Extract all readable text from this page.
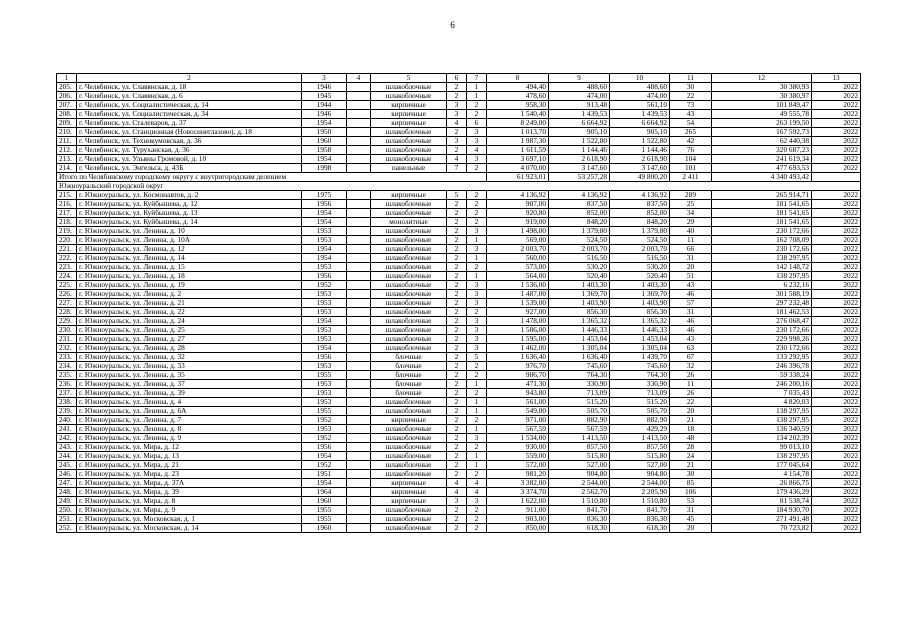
6
1	2	3	4	5	6	7	8	9	10	11	12	13
205.	г. Челябинск, ул. Славянская, д. 18	1946		шлакоблочные	2	1	494,40	488,60	488,60	30	30 380,93	2022
206.	г. Челябинск, ул. Славянская, д. 6	1945		шлакоблочные	2	1	478,60	474,00	474,00	22	30 380,97	2022
207.	г. Челябинск, ул. Социалистическая, д. 14	1944		кирпичные	3	2	958,30	913,48	561,10	73	101 849,47	2022
208.	г. Челябинск, ул. Социалистическая, д. 34	1946		кирпичные	3	2	1 540,40	1 439,53	1 439,53	43	49 555,78	2022
209.	г. Челябинск, ул. Сталеваров, д. 37	1954		кирпичные	4	6	8 249,00	6 664,92	6 664,92	54	263 199,50	2022
210.	г. Челябинск, ул. Станционная (Новосинеглазово), д. 18	1950		шлакоблочные	2	3	1 013,70	905,10	905,10	265	167 592,73	2022
211.	г. Челябинск, ул. Техникумовская, д. 36	1960		шлакоблочные	3	3	1 987,30	1 522,80	1 522,80	42	62 440,38	2022
212.	г. Челябинск, ул. Туруханская, д. 36	1958		шлакоблочные	2	4	1 611,59	1 144,46	1 144,46	76	320 687,23	2022
213.	г. Челябинск, ул. Ульяны Громовой, д. 10	1954		шлакоблочные	4	3	3 697,10	2 618,90	2 618,90	104	241 619,34	2022
214.	г. Челябинск, ул. Энгельса, д. 43Б	1998		панельные	7	2	4 070,00	3 147,60	3 147,60	101	477 693,53	2022
Итого по Челябинскому городскому округу с внутригородским делением							61 923,01	53 257,28	49 800,20	2 411	4 340 493,42	
Южноуральский городской округ												
215.	г. Южноуральск, ул. Космонавтов, д. 2	1975		кирпичные	5	2	4 136,92	4 136,92	4 136,92	289	265 914,71	2022
216.	г. Южноуральск, ул. Куйбышева, д. 12	1956		шлакоблочные	2	2	907,00	837,50	837,50	25	181 541,65	2022
217.	г. Южноуральск, ул. Куйбышева, д. 13	1954		шлакоблочные	2	2	920,80	852,00	852,00	34	181 541,65	2022
218.	г. Южноуральск, ул. Куйбышева, д. 14	1954		монолитные	2	2	919,00	848,20	848,20	29	181 541,65	2022
219.	г. Южноуральск, ул. Ленина, д. 10	1953		шлакоблочные	2	3	1 498,00	1 379,80	1 379,80	40	230 172,66	2022
220.	г. Южноуральск, ул. Ленина, д. 10А	1953		шлакоблочные	2	1	569,00	524,50	524,50	11	162 708,09	2022
221.	г. Южноуральск, ул. Ленина, д. 12	1954		шлакоблочные	2	3	2 003,70	2 003,70	2 003,70	66	230 172,66	2022
222.	г. Южноуральск, ул. Ленина, д. 14	1954		шлакоблочные	2	1	560,00	516,50	516,50	31	138 297,95	2022
223.	г. Южноуральск, ул. Ленина, д. 15	1953		шлакоблочные	2	2	573,00	530,20	530,20	20	142 148,72	2022
224.	г. Южноуральск, ул. Ленина, д. 18	1956		шлакоблочные	2	1	564,00	520,40	520,40	51	138 297,95	2022
225.	г. Южноуральск, ул. Ленина, д. 19	1952		шлакоблочные	2	3	1 536,00	1 403,30	1 403,30	43	6 232,16	2022
226.	г. Южноуральск, ул. Ленина, д. 2	1953		шлакоблочные	2	3	1 487,00	1 369,70	1 369,70	46	301 588,19	2022
227.	г. Южноуральск, ул. Ленина, д. 21	1953		шлакоблочные	2	3	1 539,00	1 403,90	1 403,90	57	297 232,48	2022
228.	г. Южноуральск, ул. Ленина, д. 22	1953		шлакоблочные	2	2	927,00	856,30	856,30	31	181 462,53	2022
229.	г. Южноуральск, ул. Ленина, д. 24	1954		шлакоблочные	2	3	1 478,00	1 365,32	1 365,32	46	276 068,47	2022
230.	г. Южноуральск, ул. Ленина, д. 25	1953		шлакоблочные	2	3	1 586,00	1 446,33	1 446,33	46	230 172,66	2022
231.	г. Южноуральск, ул. Ленина, д. 27	1953		шлакоблочные	2	3	1 595,00	1 453,04	1 453,04	43	229 998,26	2022
232.	г. Южноуральск, ул. Ленина, д. 28	1954		шлакоблочные	2	3	1 462,00	1 305,04	1 305,04	63	230 172,66	2022
233.	г. Южноуральск, ул. Ленина, д. 32	1956		блочные	2	5	1 636,40	1 636,40	1 439,70	67	133 292,95	2022
234.	г. Южноуральск, ул. Ленина, д. 33	1953		блочные	2	2	976,70	745,60	745,60	32	246 396,78	2022
235.	г. Южноуральск, ул. Ленина, д. 35	1955		блочные	2	2	986,70	764,30	764,30	26	59 338,24	2022
236.	г. Южноуральск, ул. Ленина, д. 37	1953		блочные	2	1	471,30	330,90	330,90	11	246 200,16	2022
237.	г. Южноуральск, ул. Ленина, д. 39	1953		блочные	2	2	943,80	713,09	713,09	26	7 035,43	2022
238.	г. Южноуральск, ул. Ленина, д. 4	1953		шлакоблочные	2	1	561,00	515,20	515,20	22	4 820,03	2022
239.	г. Южноуральск, ул. Ленина, д. 6А	1955		шлакоблочные	2	1	549,00	505,70	505,70	20	138 297,95	2022
240.	г. Южноуральск, ул. Ленина, д. 7	1952		кирпичные	2	2	971,00	882,90	882,90	21	138 297,95	2022
241.	г. Южноуральск, ул. Ленина, д. 8	1953		шлакоблочные	2	1	567,59	567,59	429,29	18	136 340,59	2022
242.	г. Южноуральск, ул. Ленина, д. 9	1952		шлакоблочные	2	3	1 534,00	1 413,50	1 413,50	48	134 202,39	2022
243.	г. Южноуральск, ул. Мира, д. 12	1956		шлакоблочные	2	2	930,00	857,50	857,50	28	99 013,10	2022
244.	г. Южноуральск, ул. Мира, д. 13	1954		шлакоблочные	2	1	559,00	515,80	515,80	24	138 297,95	2022
245.	г. Южноуральск, ул. Мира, д. 21	1952		шлакоблочные	2	1	572,00	527,00	527,00	21	177 045,64	2022
246.	г. Южноуральск, ул. Мира, д. 23	1951		шлакоблочные	2	2	981,20	904,80	904,80	30	4 154,78	2022
247.	г. Южноуральск, ул. Мира, д. 37А	1954		кирпичные	4	4	3 382,00	2 544,00	2 544,00	85	26 866,75	2022
248.	г. Южноуральск, ул. Мира, д. 39	1964		кирпичные	4	4	3 374,70	2 562,70	2 205,90	106	179 436,29	2022
249.	г. Южноуральск, ул. Мира, д. 8	1960		кирпичные	3	3	1 622,00	1 510,80	1 510,80	53	81 538,74	2022
250.	г. Южноуральск, ул. Мира, д. 9	1955		шлакоблочные	2	2	911,00	841,70	841,70	31	184 930,70	2022
251.	г. Южноуральск, ул. Московская, д. 1	1955		шлакоблочные	2	2	903,00	836,30	836,30	45	271 491,48	2022
252.	г. Южноуральск, ул. Московская, д. 14	1960		шлакоблочные	2	2	850,00	618,30	618,30	20	70 723,82	2022
